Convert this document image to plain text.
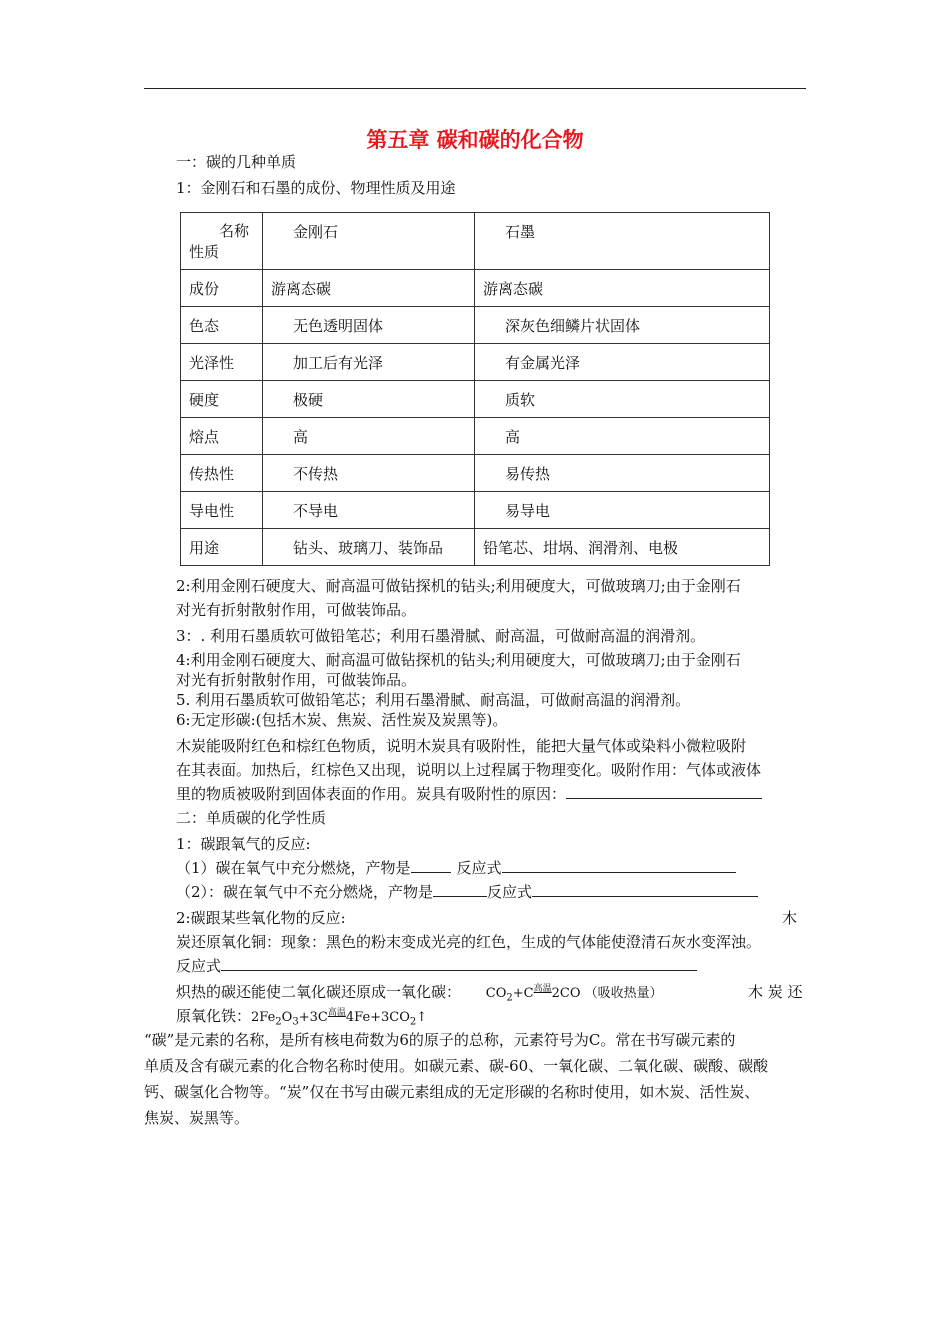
第五章 碳和碳的化合物
一：碳的几种单质
1：金刚石和石墨的成份、物理性质及用途
名称
性质	金刚石	石墨
成份	游离态碳	游离态碳
色态	无色透明固体	深灰色细鳞片状固体
光泽性	加工后有光泽	有金属光泽
硬度	极硬	质软
熔点	高	高
传热性	不传热	易传热
导电性	不导电	易导电
用途	钻头、玻璃刀、装饰品	铅笔芯、坩埚、润滑剂、电极
2:利用金刚石硬度大、耐高温可做钻探机的钻头;利用硬度大，可做玻璃刀;由于金刚石
对光有折射散射作用，可做装饰品。
3：. 利用石墨质软可做铅笔芯；利用石墨滑腻、耐高温，可做耐高温的润滑剂。
4:利用金刚石硬度大、耐高温可做钻探机的钻头;利用硬度大，可做玻璃刀;由于金刚石
对光有折射散射作用，可做装饰品。
5. 利用石墨质软可做铅笔芯；利用石墨滑腻、耐高温，可做耐高温的润滑剂。
6:无定形碳:(包括木炭、焦炭、活性炭及炭黑等)。
木炭能吸附红色和棕红色物质，说明木炭具有吸附性，能把大量气体或染料小微粒吸附
在其表面。加热后，红棕色又出现，说明以上过程属于物理变化。吸附作用：气体或液体
里的物质被吸附到固体表面的作用。炭具有吸附性的原因：
二：单质碳的化学性质
1：碳跟氧气的反应:
（1）碳在氧气中充分燃烧，产物是	反应式
（2）：碳在氧气中不充分燃烧，产物是	反应式
2:碳跟某些氧化物的反应:	木
炭还原氧化铜：现象：黑色的粉末变成光亮的红色，生成的气体能使澄清石灰水变浑浊。
反应式
炽热的碳还能使二氧化碳还原成一氧化碳： $CO_2+C^{高温}2CO$ （吸收热量）	木 炭 还
原氧化铁：$2Fe_2O_3+3C^{高温}4Fe+3CO_2↑$
“碳”是元素的名称，是所有核电荷数为6的原子的总称，元素符号为C。常在书写碳元素的
单质及含有碳元素的化合物名称时使用。如碳元素、碳-60、一氧化碳、二氧化碳、碳酸、碳酸
钙、碳氢化合物等。“炭”仅在书写由碳元素组成的无定形碳的名称时使用，如木炭、活性炭、
焦炭、炭黑等。
